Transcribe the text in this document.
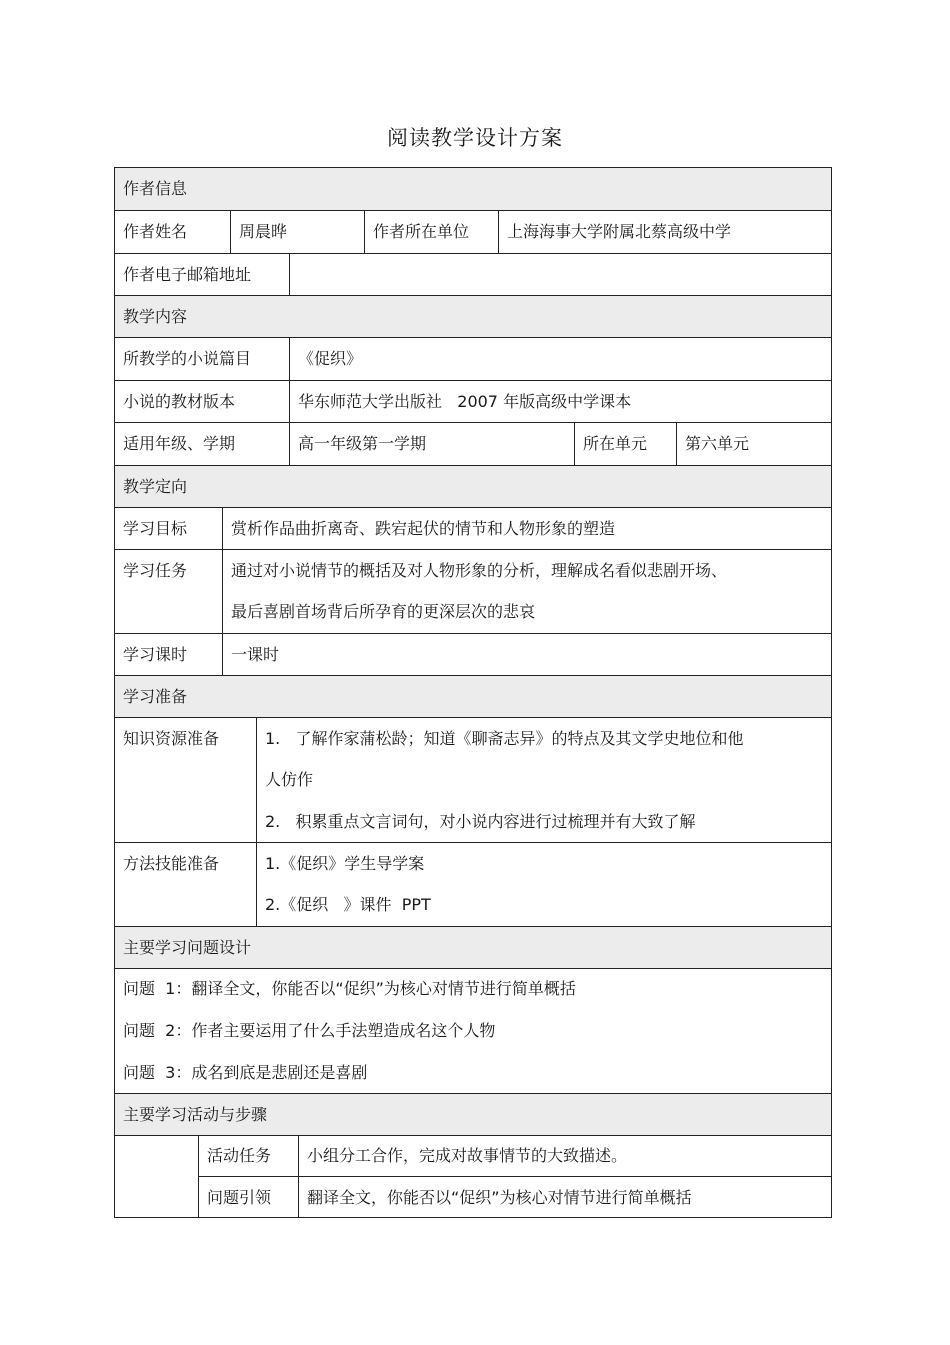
阅读教学设计方案
作者信息
作者姓名	周晨晔	作者所在单位	上海海事大学附属北蔡高级中学
作者电子邮箱地址
教学内容
所教学的小说篇目	《促织》
小说的教材版本	华东师范大学出版社   2007 年版高级中学课本
适用年级、学期	高一年级第一学期	所在单元	第六单元
教学定向
学习目标	赏析作品曲折离奇、跌宕起伏的情节和人物形象的塑造
学习任务	通过对小说情节的概括及对人物形象的分析，理解成名看似悲剧开场、
最后喜剧首场背后所孕育的更深层次的悲哀
学习课时	一课时
学习准备
知识资源准备	1.   了解作家蒲松龄；知道《聊斋志异》的特点及其文学史地位和他
人仿作
2.   积累重点文言词句，对小说内容进行过梳理并有大致了解
方法技能准备	1.《促织》学生导学案
2.《促织   》课件  PPT
主要学习问题设计
问题  1：翻译全文，你能否以“促织”为核心对情节进行简单概括
问题  2：作者主要运用了什么手法塑造成名这个人物
问题  3：成名到底是悲剧还是喜剧
主要学习活动与步骤
活动任务	小组分工合作，完成对故事情节的大致描述。
问题引领	翻译全文，你能否以“促织”为核心对情节进行简单概括
